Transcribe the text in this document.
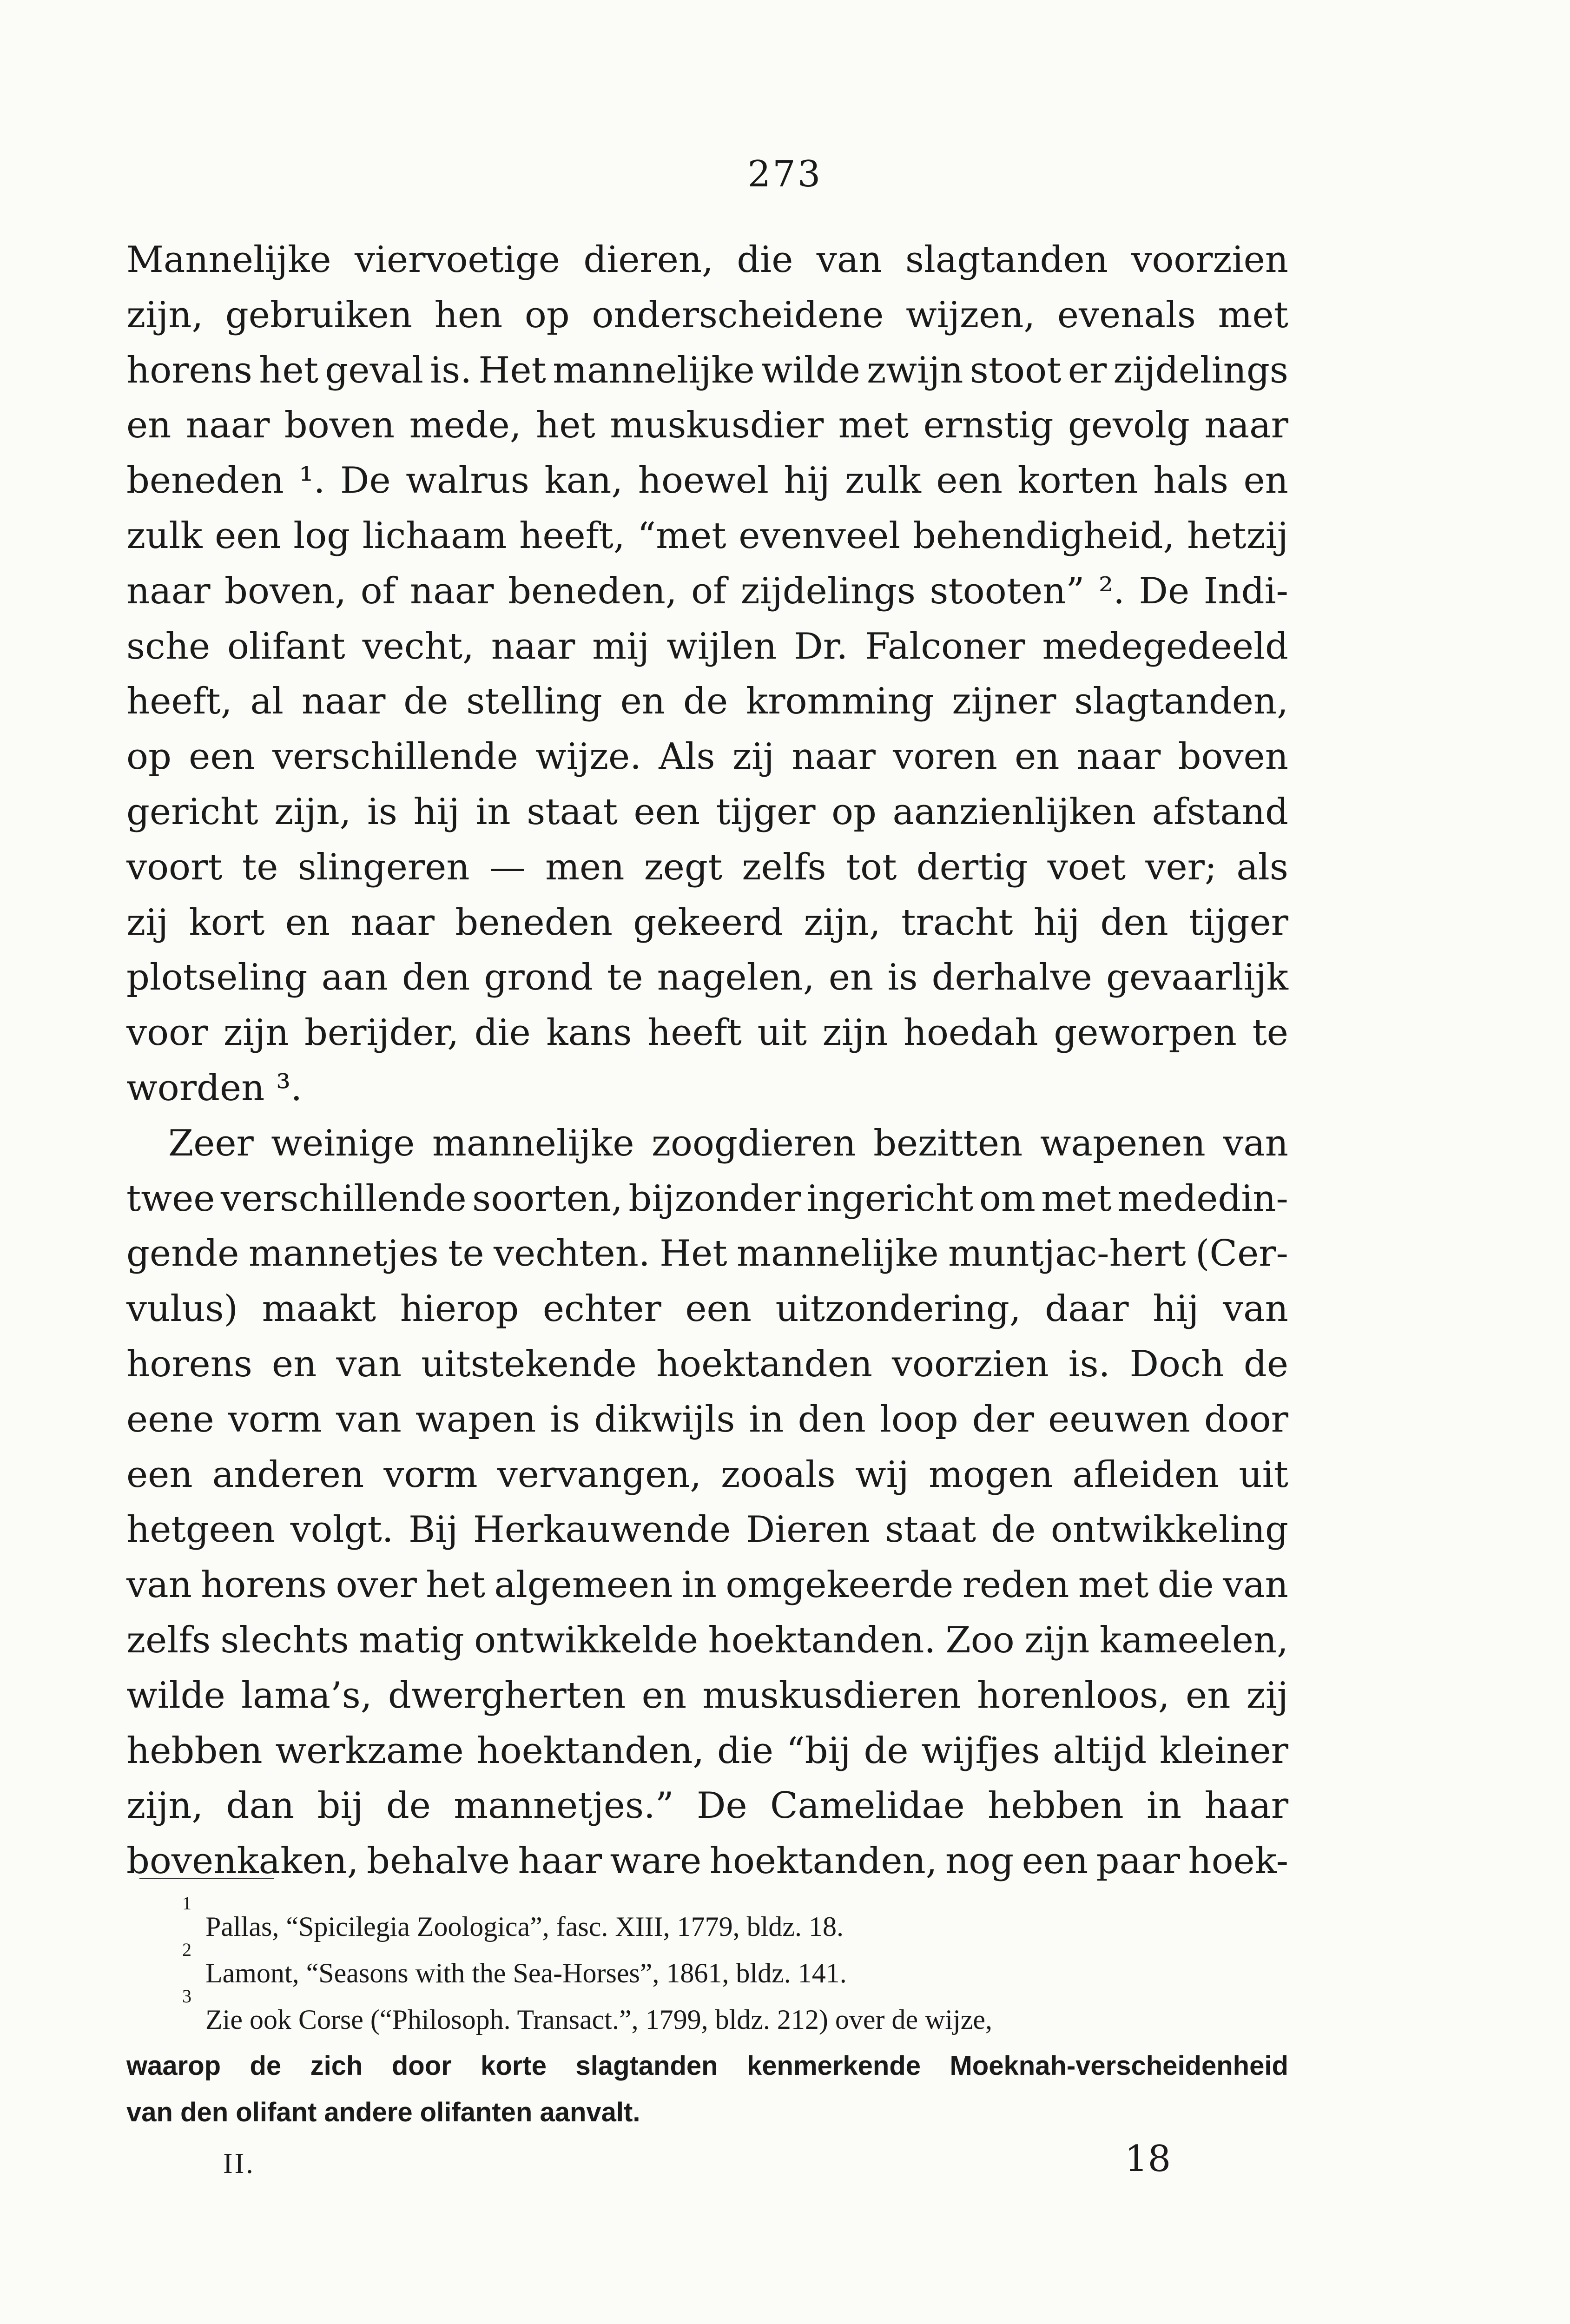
273
Mannelijke viervoetige dieren, die van slagtanden voorzien
zijn, gebruiken hen op onderscheidene wijzen, evenals met
horens het geval is. Het mannelijke wilde zwijn stoot er zijdelings
en naar boven mede, het muskusdier met ernstig gevolg naar
beneden ¹. De walrus kan, hoewel hij zulk een korten hals en
zulk een log lichaam heeft, “met evenveel behendigheid, hetzij
naar boven, of naar beneden, of zijdelings stooten” ². De Indi-
sche olifant vecht, naar mij wijlen Dr. Falconer medegedeeld
heeft, al naar de stelling en de kromming zijner slagtanden,
op een verschillende wijze. Als zij naar voren en naar boven
gericht zijn, is hij in staat een tijger op aanzienlijken afstand
voort te slingeren — men zegt zelfs tot dertig voet ver; als
zij kort en naar beneden gekeerd zijn, tracht hij den tijger
plotseling aan den grond te nagelen, en is derhalve gevaarlijk
voor zijn berijder, die kans heeft uit zijn hoedah geworpen te
worden ³.
Zeer weinige mannelijke zoogdieren bezitten wapenen van
twee verschillende soorten, bijzonder ingericht om met mededin-
gende mannetjes te vechten. Het mannelijke muntjac-hert (Cer-
vulus) maakt hierop echter een uitzondering, daar hij van
horens en van uitstekende hoektanden voorzien is. Doch de
eene vorm van wapen is dikwijls in den loop der eeuwen door
een anderen vorm vervangen, zooals wij mogen afleiden uit
hetgeen volgt. Bij Herkauwende Dieren staat de ontwikkeling
van horens over het algemeen in omgekeerde reden met die van
zelfs slechts matig ontwikkelde hoektanden. Zoo zijn kameelen,
wilde lama’s, dwergherten en muskusdieren horenloos, en zij
hebben werkzame hoektanden, die “bij de wijfjes altijd kleiner
zijn, dan bij de mannetjes.” De Camelidae hebben in haar
bovenkaken, behalve haar ware hoektanden, nog een paar hoek-
1
Pallas, “Spicilegia Zoologica”, fasc. XIII, 1779, bldz. 18.
2
Lamont, “Seasons with the Sea-Horses”, 1861, bldz. 141.
3
Zie ook Corse (“Philosoph. Transact.”, 1799, bldz. 212) over de wijze,
waarop de zich door korte slagtanden kenmerkende Moeknah-verscheidenheid
van den olifant andere olifanten aanvalt.
II.	18
